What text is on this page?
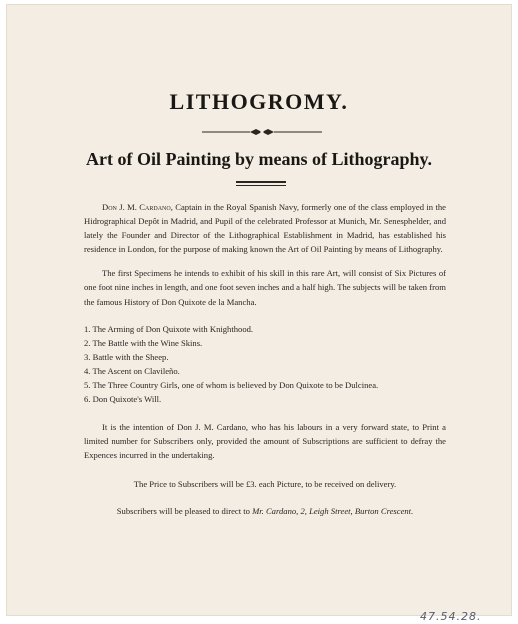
LITHOGROMY.
Art of Oil Painting by means of Lithography.

Don J. M. Cardano, Captain in the Royal Spanish Navy, formerly one of the class employed in the Hidrographical Depôt in Madrid, and Pupil of the celebrated Professor at Munich, Mr. Senesphelder, and lately the Founder and Director of the Lithographical Establishment in Madrid, has established his residence in London, for the purpose of making known the Art of Oil Painting by means of Lithography.

The first Specimens he intends to exhibit of his skill in this rare Art, will consist of Six Pictures of one foot nine inches in length, and one foot seven inches and a half high. The subjects will be taken from the famous History of Don Quixote de la Mancha.

1. The Arming of Don Quixote with Knighthood.
2. The Battle with the Wine Skins.
3. Battle with the Sheep.
4. The Ascent on Clavileño.
5. The Three Country Girls, one of whom is believed by Don Quixote to be Dulcinea.
6. Don Quixote's Will.

It is the intention of Don J. M. Cardano, who has his labours in a very forward state, to Print a limited number for Subscribers only, provided the amount of Subscriptions are sufficient to defray the Expences incurred in the undertaking.

The Price to Subscribers will be £3. each Picture, to be received on delivery.

Subscribers will be pleased to direct to Mr. Cardano, 2, Leigh Street, Burton Crescent.

47.54.28.
